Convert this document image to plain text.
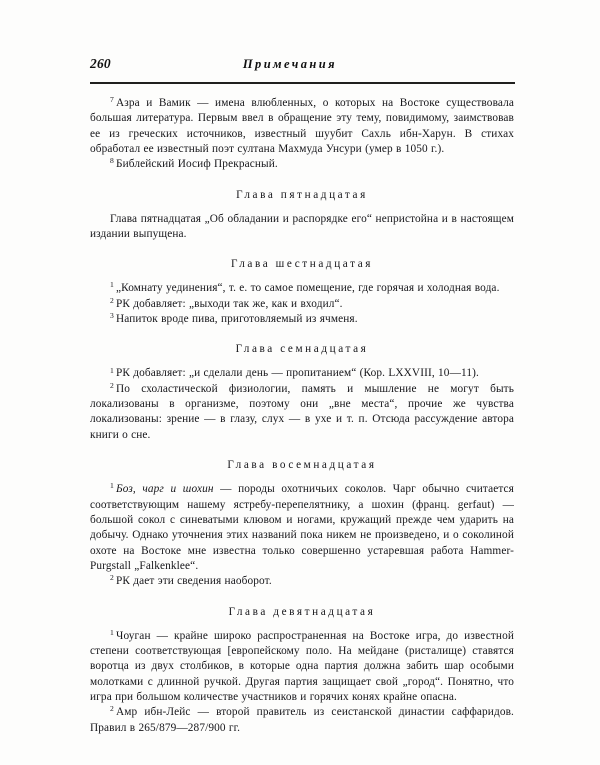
260	Примечания

$^7$ Азра и Вамик — имена влюбленных, о которых на Востоке существовала большая литература. Первым ввел в обращение эту тему, повидимому, заимствовав ее из греческих источников, известный шуубит Сахль ибн-Харун. В стихах обработал ее известный поэт султана Махмуда Унсури (умер в 1050 г.).

$^8$ Библейский Иосиф Прекрасный.

Глава пятнадцатая

Глава пятнадцатая „Об обладании и распорядке его“ непристойна и в настоящем издании выпущена.

Глава шестнадцатая

$^1$ „Комнату уединения“, т. е. то самое помещение, где горячая и холодная вода.

$^2$ РК добавляет: „выходи так же, как и входил“.

$^3$ Напиток вроде пива, приготовляемый из ячменя.

Глава семнадцатая

$^1$ РК добавляет: „и сделали день — пропитанием“ (Кор. LXXVIII, 10—11).

$^2$ По схоластической физиологии, память и мышление не могут быть локализованы в организме, поэтому они „вне места“, прочие же чувства локализованы: зрение — в глазу, слух — в ухе и т. п. Отсюда рассуждение автора книги о сне.

Глава восемнадцатая

$^1$ Боз, чарг и шохин — породы охотничьих соколов. Чарг обычно считается соответствующим нашему ястребу-перепелятнику, а шохин (франц. gerfaut) — большой сокол с синеватыми клювом и ногами, кружащий прежде чем ударить на добычу. Однако уточнения этих названий пока никем не произведено, и о соколиной охоте на Востоке мне известна только совершенно устаревшая работа Hammer-Purgstall „Falkenklee“.

$^2$ РК дает эти сведения наоборот.

Глава девятнадцатая

$^1$ Чоуган — крайне широко распространенная на Востоке игра, до известной степени соответствующая [европейскому поло. На мейдане (ристалище) ставятся воротца из двух столбиков, в которые одна партия должна забить шар особыми молотками с длинной ручкой. Другая партия защищает свой „город“. Понятно, что игра при большом количестве участников и горячих конях крайне опасна.

$^2$ Амр ибн-Лейс — второй правитель из сеистанской династии саффаридов. Правил в 265/879—287/900 гг.
